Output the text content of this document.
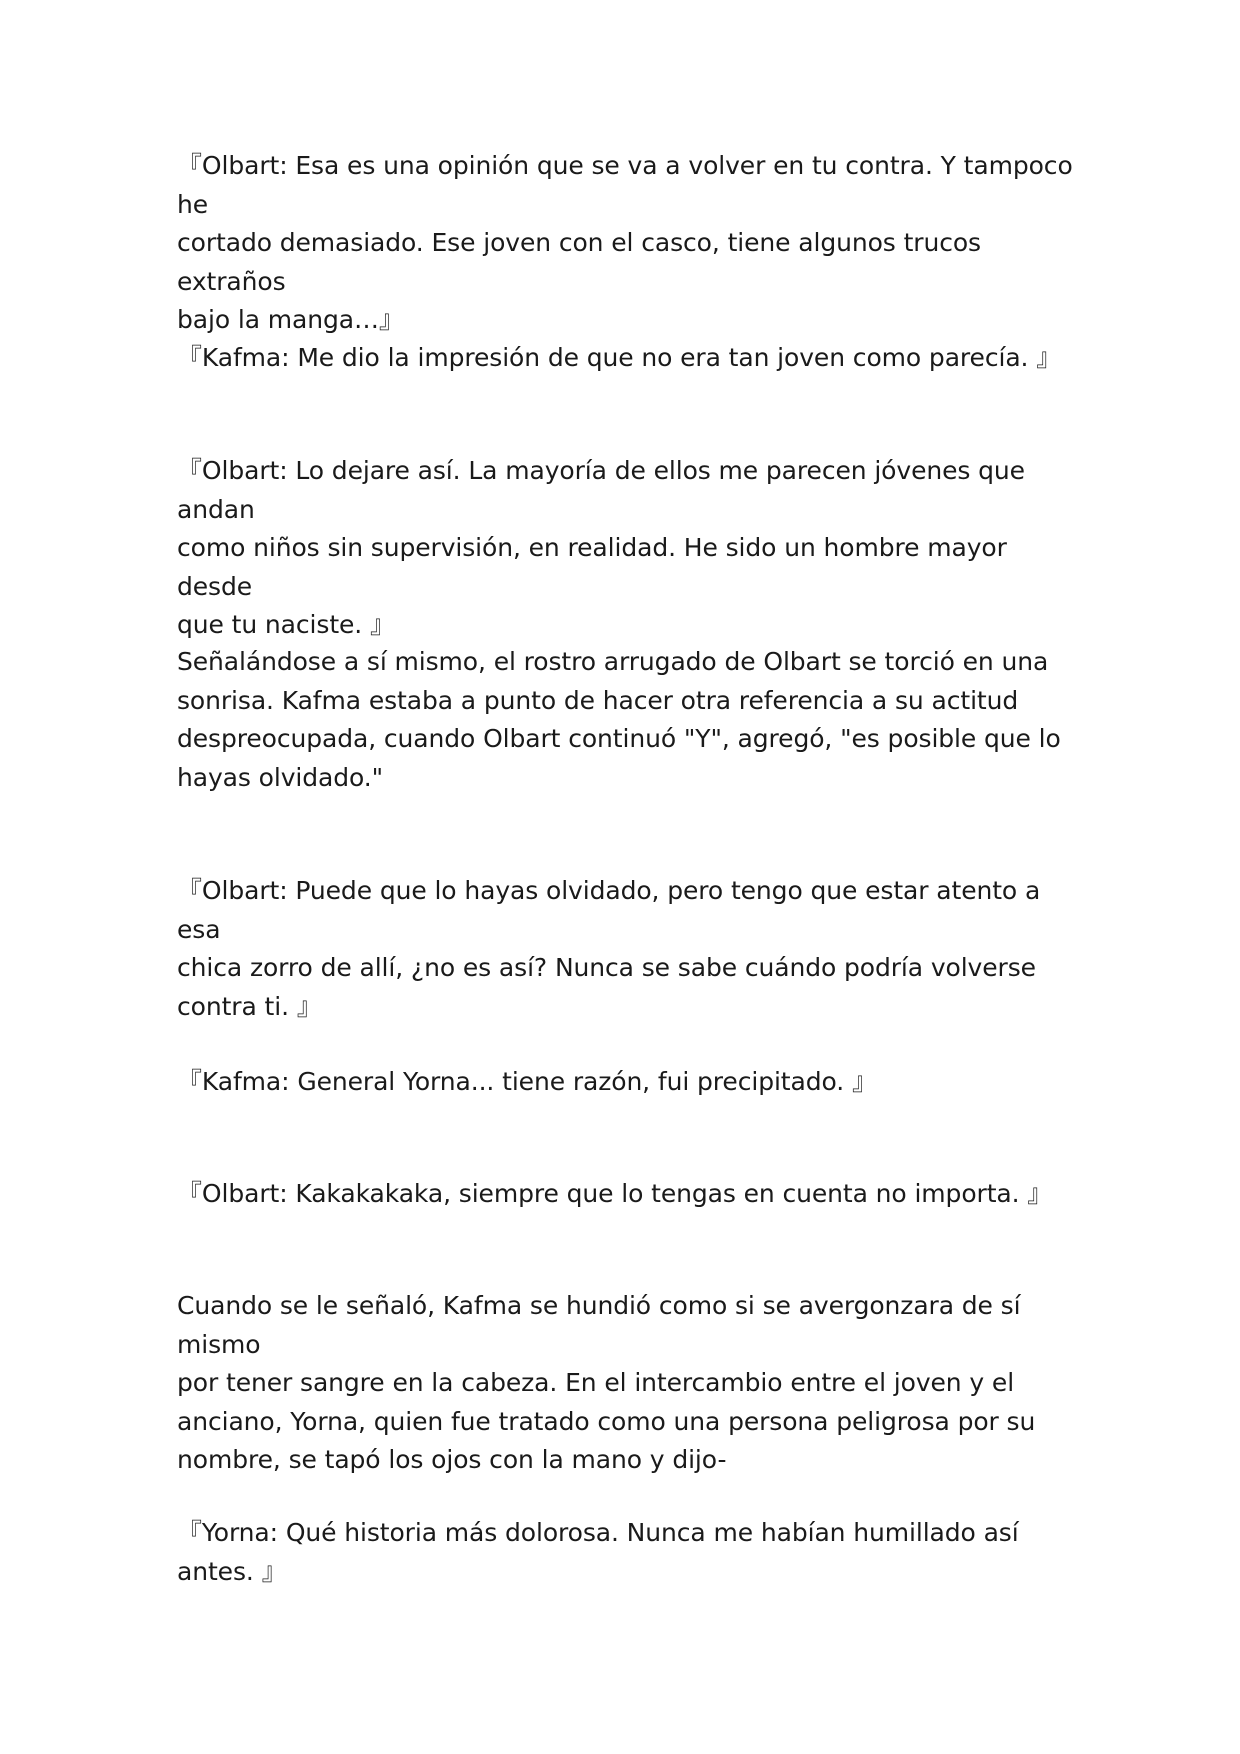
『Olbart: Esa es una opinión que se va a volver en tu contra. Y tampoco he
cortado demasiado. Ese joven con el casco, tiene algunos trucos extraños
bajo la manga…』

『Kafma: Me dio la impresión de que no era tan joven como parecía. 』

『Olbart: Lo dejare así. La mayoría de ellos me parecen jóvenes que andan
como niños sin supervisión, en realidad. He sido un hombre mayor desde
que tu naciste. 』

Señalándose a sí mismo, el rostro arrugado de Olbart se torció en una
sonrisa. Kafma estaba a punto de hacer otra referencia a su actitud
despreocupada, cuando Olbart continuó "Y", agregó, "es posible que lo
hayas olvidado."

『Olbart: Puede que lo hayas olvidado, pero tengo que estar atento a esa
chica zorro de allí, ¿no es así? Nunca se sabe cuándo podría volverse
contra ti. 』

『Kafma: General Yorna... tiene razón, fui precipitado. 』

『Olbart: Kakakakaka, siempre que lo tengas en cuenta no importa. 』

Cuando se le señaló, Kafma se hundió como si se avergonzara de sí mismo
por tener sangre en la cabeza. En el intercambio entre el joven y el
anciano, Yorna, quien fue tratado como una persona peligrosa por su
nombre, se tapó los ojos con la mano y dijo-

『Yorna: Qué historia más dolorosa. Nunca me habían humillado así
antes. 』
